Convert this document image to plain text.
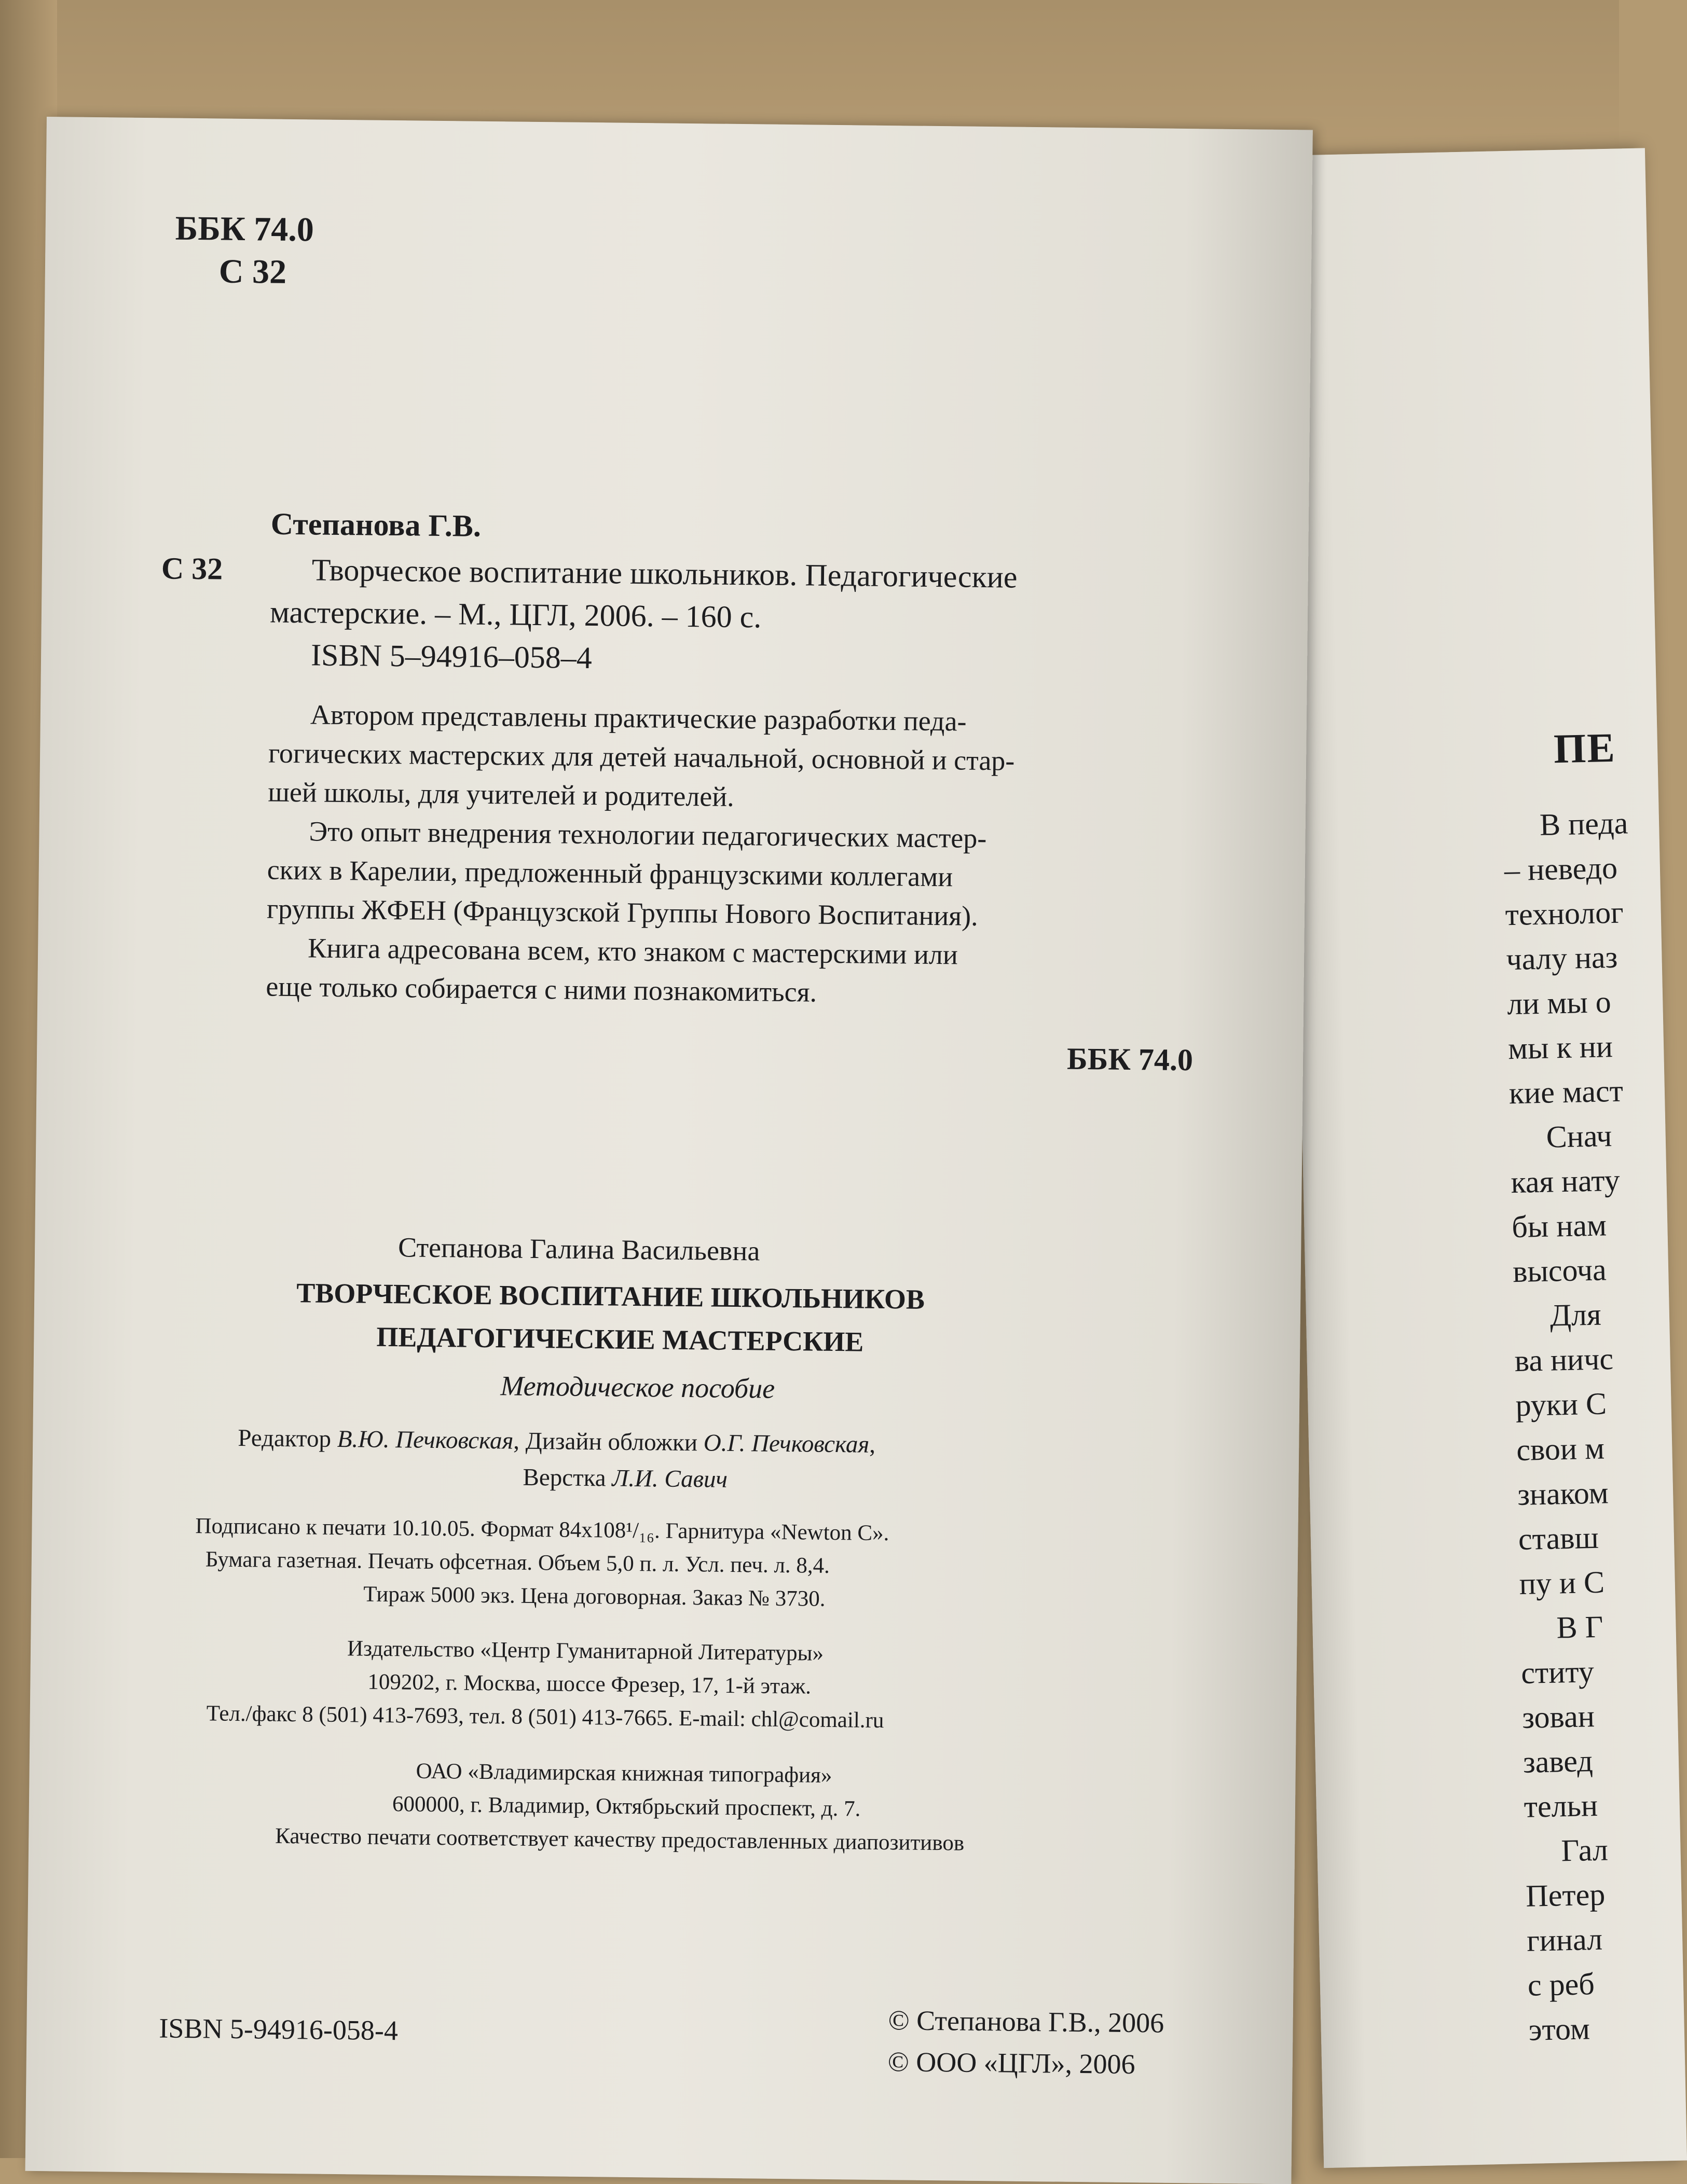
ПЕ
В педа
– неведо
технолог
чалу наз
ли мы о
мы к ни
кие маст
Снач
кая нату
бы нам
высоча
Для
ва ничс
руки С
свои м
знаком
ставш
пу и С
В Г
ститу
зован
завед
тельн
Гал
Петер
гинал
с реб
этом
ББК 74.0
С 32
Степанова Г.В.
С 32	Творческое воспитание школьников. Педагогические
мастерские. – М., ЦГЛ, 2006. – 160 с.
ISBN 5–94916–058–4
Автором представлены практические разработки педа-
гогических мастерских для детей начальной, основной и стар-
шей школы, для учителей и родителей.
Это опыт внедрения технологии педагогических мастер-
ских в Карелии, предложенный французскими коллегами
группы ЖФЕН (Французской Группы Нового Воспитания).
Книга адресована всем, кто знаком с мастерскими или
еще только собирается с ними познакомиться.
ББК 74.0
Степанова Галина Васильевна
ТВОРЧЕСКОЕ ВОСПИТАНИЕ ШКОЛЬНИКОВ
ПЕДАГОГИЧЕСКИЕ МАСТЕРСКИЕ
Методическое пособие
Редактор В.Ю. Печковская, Дизайн обложки О.Г. Печковская,
Верстка Л.И. Савич
Подписано к печати 10.10.05. Формат 84х108¹/₁₆. Гарнитура «Newton C».
Бумага газетная. Печать офсетная. Объем 5,0 п. л. Усл. печ. л. 8,4.
Тираж 5000 экз. Цена договорная. Заказ № 3730.
Издательство «Центр Гуманитарной Литературы»
109202, г. Москва, шоссе Фрезер, 17, 1-й этаж.
Тел./факс 8 (501) 413-7693, тел. 8 (501) 413-7665. E-mail: chl@comail.ru
ОАО «Владимирская книжная типография»
600000, г. Владимир, Октябрьский проспект, д. 7.
Качество печати соответствует качеству предоставленных диапозитивов
ISBN 5-94916-058-4	© Степанова Г.В., 2006
© ООО «ЦГЛ», 2006
